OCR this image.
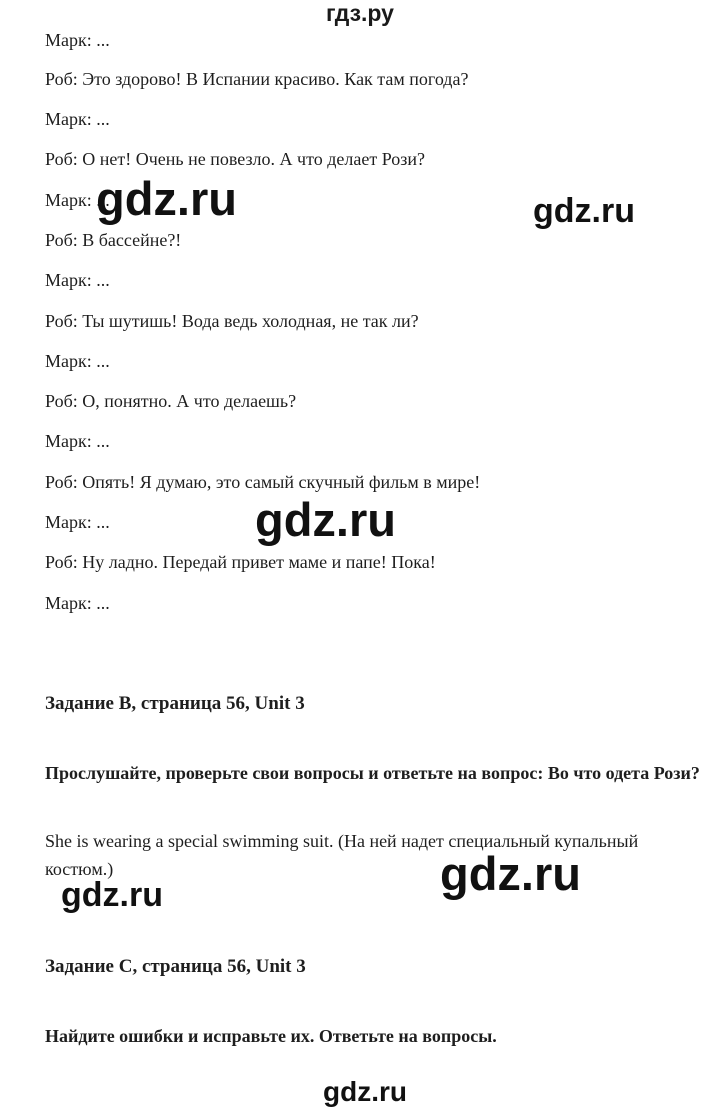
гдз.ру
Марк: ...
Роб: Это здорово! В Испании красиво. Как там погода?
Марк: ...
Роб: О нет! Очень не повезло. А что делает Рози?
Марк: ...
Роб: В бассейне?!
Марк: ...
Роб: Ты шутишь! Вода ведь холодная, не так ли?
Марк: ...
Роб: О, понятно. А что делаешь?
Марк: ...
Роб: Опять! Я думаю, это самый скучный фильм в мире!
Марк: ...
Роб: Ну ладно. Передай привет маме и папе! Пока!
Марк: ...
Задание B, страница 56, Unit 3
Прослушайте, проверьте свои вопросы и ответьте на вопрос: Во что одета Рози?
She is wearing a special swimming suit. (На ней надет специальный купальный костюм.)
Задание C, страница 56, Unit 3
Найдите ошибки и исправьте их. Ответьте на вопросы.
gdz.ru	gdz.ru
gdz.ru
gdz.ru
gdz.ru
gdz.ru
